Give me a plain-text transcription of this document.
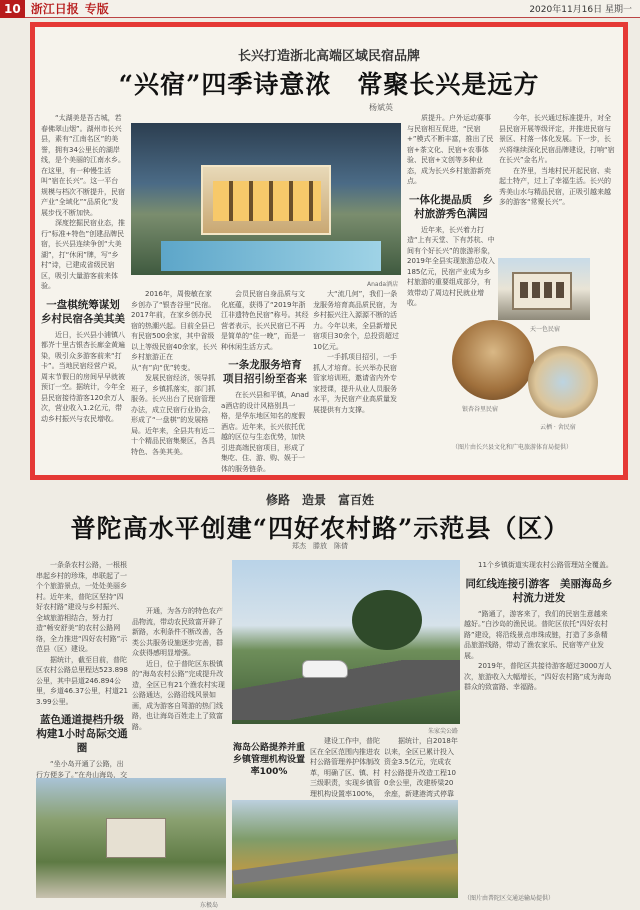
10 浙江日报 专版	2020年11月16日 星期一
长兴打造浙北高端区域民宿品牌
“兴宿”四季诗意浓　常聚长兴是远方
杨斌英

“太湖美是吾古城，若春佛翠山烟”。湖州市长兴县，素有“江南名区”的美誉，拥有34公里长的湖岸线，是个美丽的江南水乡。在这里，有一种慢生活叫“宿在长兴”。这一平台规模与档次不断提升，民宿产业“全域化”“品质化”发展步伐不断加快。

深度挖掘民宿业态，推行“标准+特色”创建品牌民宿，长兴县连续争创“大美湖”，打“休闲”牌，写“乡村”诗，已建成省级民宿区，吸引大量游客前来体验。

一盘棋统筹谋划　乡村民宿各美其美

近日，长兴县小浦镇八都岕十里古银杏长廊金黄遍染，吸引众多游客前来“打卡”。当地民宿经营户说，周末节假日的房间早早就被预订一空。据统计，今年全县民宿接待游客120余万人次，营业收入1.2亿元，带动乡村振兴与农民增收。

Anada酒店

2016年，周俊敏在家乡创办了“银杏谷里”民宿。2017年前，在家乡创办民宿的热潮兴起。目前全县已有民宿500余家，其中省级以上等级民宿40余家，长兴乡村旅游正在从“有”向“优”转变。

发展民宿经济，领导抓班子，乡镇抓落实，部门抓服务。长兴出台了民宿管理办法，成立民宿行业协会，形成了“一盘棋”的发展格局。近年来，全县共有近二十个精品民宿集聚区，各具特色、各美其美。

会员民宿自身品质与文化底蕴，获得了“2019年浙江非遗特色民宿”称号。其经营者表示，长兴民宿已不再是简单的“住一晚”，而是一种休闲生活方式。

一条龙服务培育　项目招引纷至沓来

在长兴县和平镇，Anada酒店的设计风格别具一格，是华东地区知名的度假酒店。近年来，长兴依托优越的区位与生态优势，加快引进高端民宿项目，形成了集吃、住、游、购、娱于一体的服务链条。

大“流几何”，我们一条龙服务培育高品质民宿，为乡村振兴注入源源不断的活力。今年以来，全县新增民宿项目30余个，总投资超过10亿元。

一手抓项目招引，一手抓人才培育。长兴举办民宿管家培训班，邀请省内外专家授课，提升从业人员服务水平，为民宿产业高质量发展提供有力支撑。

质提升。户外运动赛事与民宿相互促进，“民宿+”模式不断丰富，推出了民宿+茶文化、民宿+农事体验、民宿+文创等多种业态，成为长兴乡村旅游新亮点。

一体化提品质　乡村旅游秀色满园

近年来，长兴着力打造“上有天堂、下有苏杭、中间有个好长兴”的旅游形象，2019年全县实现旅游总收入185亿元，民宿产业成为乡村旅游的重要组成部分，有效带动了周边村民就业增收。

今年，长兴通过标准提升，对全县民宿开展等级评定，并推进民宿与景区、村落一体化发展。下一步，长兴将继续深化民宿品牌建设，打响“宿在长兴”金名片。

在岕里，当地村民开起民宿、卖起土特产，过上了幸福生活。长兴的秀美山水与精品民宿，正吸引越来越多的游客“常聚长兴”。

天一色民宿
银杏谷里民宿
云栖 · 舍民宿
（图片由长兴县文化和广电旅游体育局提供）
修路　造景　富百姓
普陀高水平创建“四好农村路”示范县（区）
郑杰　滕放　陈倩

一条条农村公路，一根根串起乡村的珍珠，串联起了一个个旅游景点，一处处美丽乡村。近年来，普陀区坚持“四好农村路”建设与乡村振兴、全域旅游相结合，努力打造“畅安舒美”的农村公路网络，全力推进“四好农村路”示范县（区）建设。

据统计，截至目前，普陀区农村公路总里程达523.898公里，其中县道246.894公里，乡道46.37公里，村道213.99公里。

蓝色通道提档升级　构建1小时岛际交通圈

“坐小岛开通了公路，出行方便多了。”在舟山海岛，交

开通，为各方的特色农产品物流，带动农民致富开辟了新路，水利条件不断改善，各类公共服务设施逐步完善，群众获得感明显增强。

近日，位于普陀区东极镇的“海岛农村公路”完成提升改造，全区已有21个渔农村实现公路通达，公路沿线风景如画，成为游客自驾游的热门线路，也让海岛百姓走上了致富路。

朱家尖公路
海岛公路提养并重　乡镇管理机构设置率100%

建设工作中，普陀区在全区范围内推进农村公路管理养护体制改革，明确了区、镇、村三级职责，实现乡镇管理机构设置率100%，

据统计，自2018年以来，全区已累计投入资金3.5亿元，完成农村公路提升改造工程100余公里，改建桥梁20余座，新建港湾式停靠

11个乡镇街道实现农村公路管理站全覆盖。

同红线连接引游客　美丽海岛乡村流力迸发

“路通了，游客来了，我们的民宿生意越来越好。”白沙岛的渔民说。普陀区依托“四好农村路”建设，将沿线景点串珠成链，打造了多条精品旅游线路，带动了渔农家乐、民宿等产业发展。

2019年，普陀区共接待游客超过3000万人次，旅游收入大幅增长，“四好农村路”成为海岛群众的致富路、幸福路。

（图片由普陀区交通运输局提供）
东极岛
